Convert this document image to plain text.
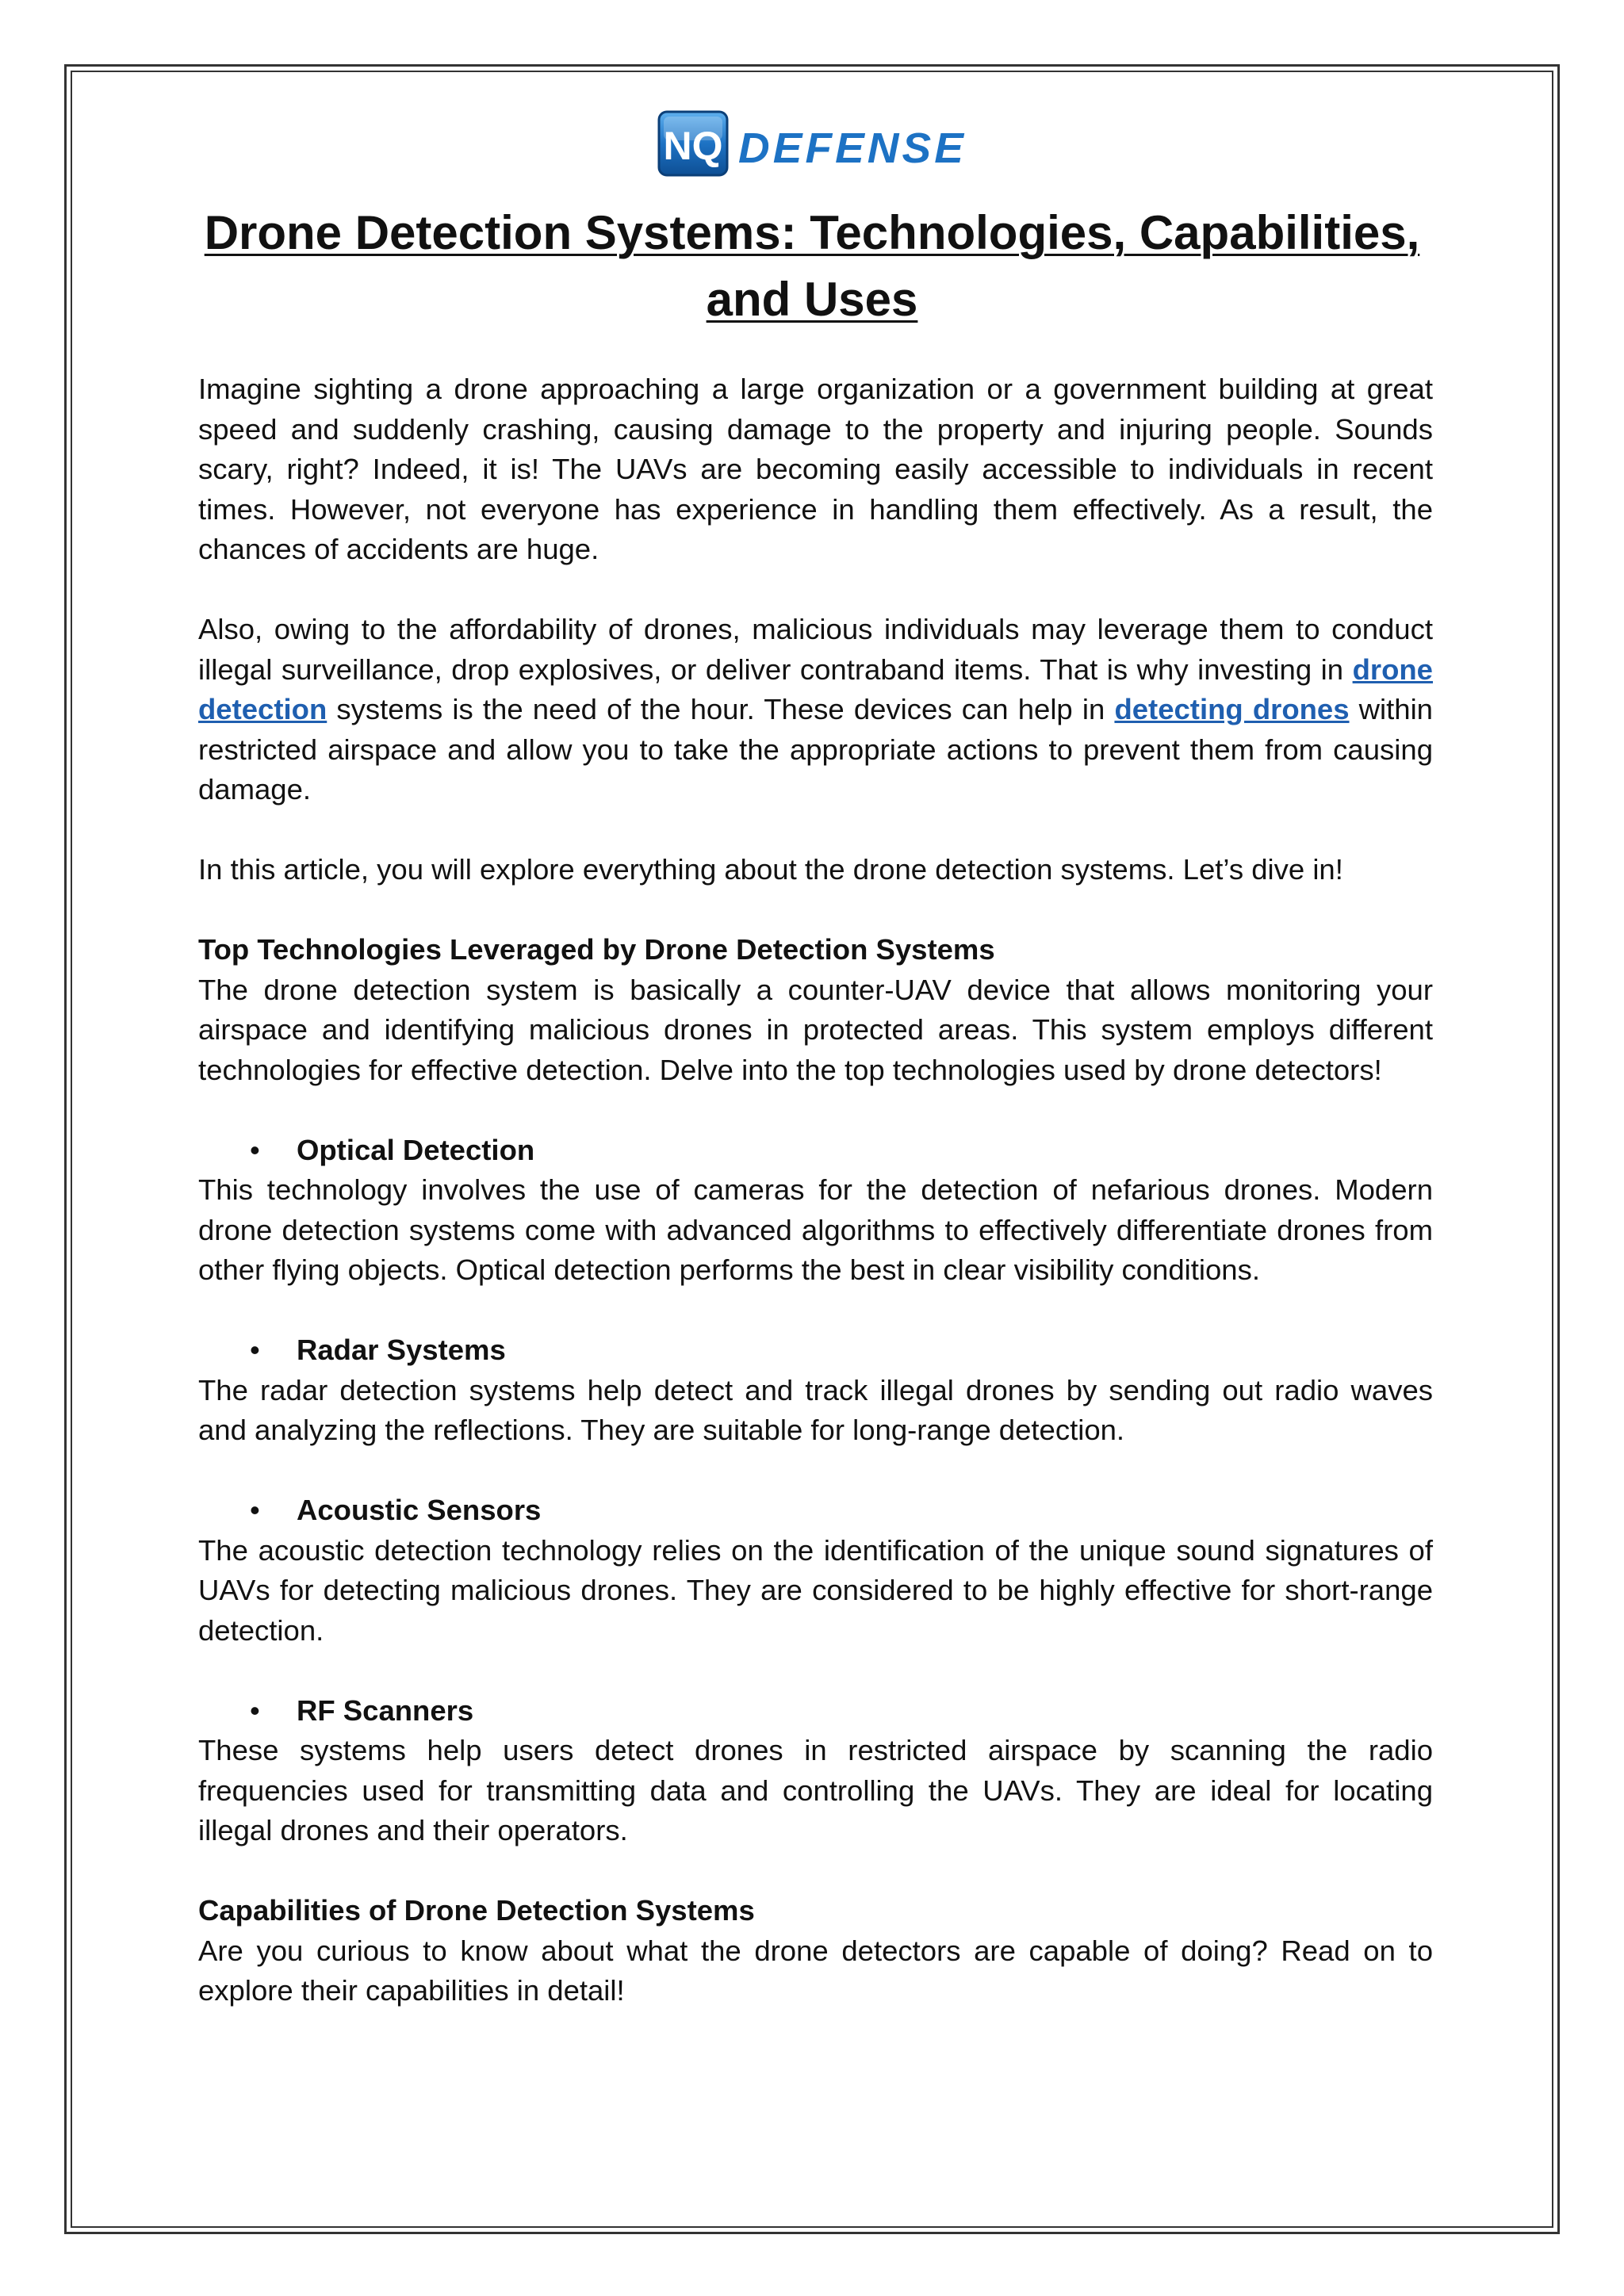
NQ DEFENSE
Drone Detection Systems: Technologies, Capabilities, and Uses

Imagine sighting a drone approaching a large organization or a government building at great speed and suddenly crashing, causing damage to the property and injuring people. Sounds scary, right? Indeed, it is! The UAVs are becoming easily accessible to individuals in recent times. However, not everyone has experience in handling them effectively. As a result, the chances of accidents are huge.

Also, owing to the affordability of drones, malicious individuals may leverage them to conduct illegal surveillance, drop explosives, or deliver contraband items. That is why investing in drone detection systems is the need of the hour. These devices can help in detecting drones within restricted airspace and allow you to take the appropriate actions to prevent them from causing damage.

In this article, you will explore everything about the drone detection systems. Let’s dive in!

Top Technologies Leveraged by Drone Detection Systems

The drone detection system is basically a counter-UAV device that allows monitoring your airspace and identifying malicious drones in protected areas. This system employs different technologies for effective detection. Delve into the top technologies used by drone detectors!

• Optical Detection

This technology involves the use of cameras for the detection of nefarious drones. Modern drone detection systems come with advanced algorithms to effectively differentiate drones from other flying objects. Optical detection performs the best in clear visibility conditions.

• Radar Systems

The radar detection systems help detect and track illegal drones by sending out radio waves and analyzing the reflections. They are suitable for long-range detection.

• Acoustic Sensors

The acoustic detection technology relies on the identification of the unique sound signatures of UAVs for detecting malicious drones. They are considered to be highly effective for short-range detection.

• RF Scanners

These systems help users detect drones in restricted airspace by scanning the radio frequencies used for transmitting data and controlling the UAVs. They are ideal for locating illegal drones and their operators.

Capabilities of Drone Detection Systems

Are you curious to know about what the drone detectors are capable of doing? Read on to explore their capabilities in detail!
